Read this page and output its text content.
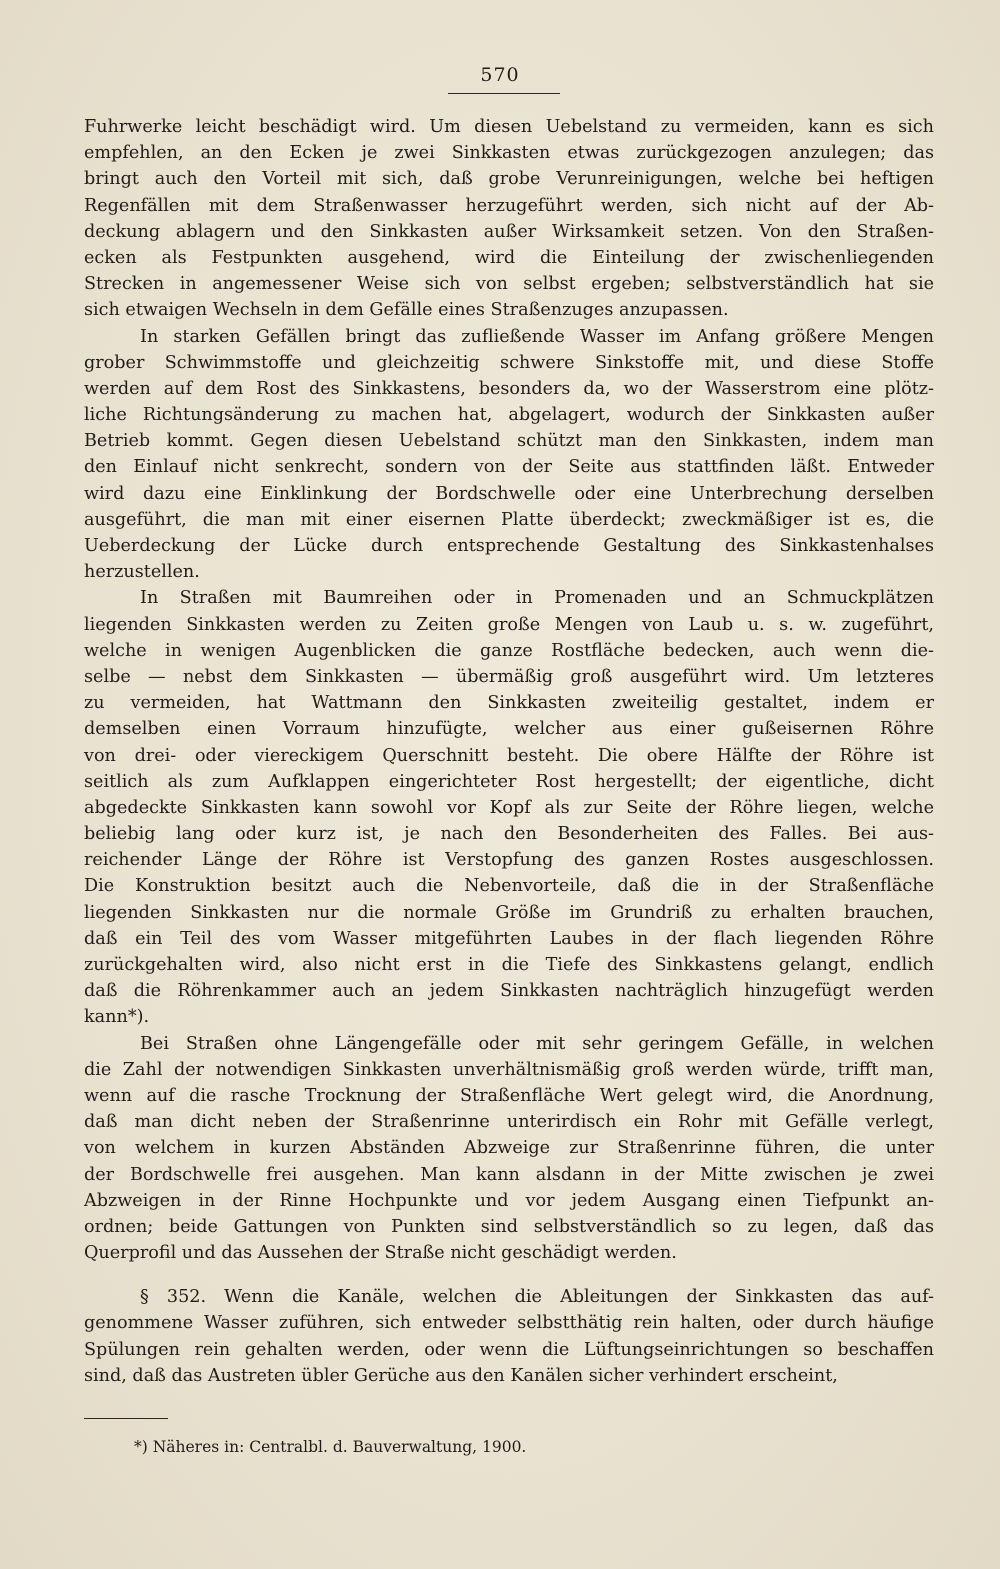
570
Fuhrwerke leicht beschädigt wird. Um diesen Uebelstand zu vermeiden, kann es sich
empfehlen, an den Ecken je zwei Sinkkasten etwas zurückgezogen anzulegen; das
bringt auch den Vorteil mit sich, daß grobe Verunreinigungen, welche bei heftigen
Regenfällen mit dem Straßenwasser herzugeführt werden, sich nicht auf der Ab-
deckung ablagern und den Sinkkasten außer Wirksamkeit setzen. Von den Straßen-
ecken als Festpunkten ausgehend, wird die Einteilung der zwischenliegenden
Strecken in angemessener Weise sich von selbst ergeben; selbstverständlich hat sie
sich etwaigen Wechseln in dem Gefälle eines Straßenzuges anzupassen.
In starken Gefällen bringt das zufließende Wasser im Anfang größere Mengen
grober Schwimmstoffe und gleichzeitig schwere Sinkstoffe mit, und diese Stoffe
werden auf dem Rost des Sinkkastens, besonders da, wo der Wasserstrom eine plötz-
liche Richtungsänderung zu machen hat, abgelagert, wodurch der Sinkkasten außer
Betrieb kommt. Gegen diesen Uebelstand schützt man den Sinkkasten, indem man
den Einlauf nicht senkrecht, sondern von der Seite aus stattfinden läßt. Entweder
wird dazu eine Einklinkung der Bordschwelle oder eine Unterbrechung derselben
ausgeführt, die man mit einer eisernen Platte überdeckt; zweckmäßiger ist es, die
Ueberdeckung der Lücke durch entsprechende Gestaltung des Sinkkastenhalses
herzustellen.
In Straßen mit Baumreihen oder in Promenaden und an Schmuckplätzen
liegenden Sinkkasten werden zu Zeiten große Mengen von Laub u. s. w. zugeführt,
welche in wenigen Augenblicken die ganze Rostfläche bedecken, auch wenn die-
selbe — nebst dem Sinkkasten — übermäßig groß ausgeführt wird. Um letzteres
zu vermeiden, hat Wattmann den Sinkkasten zweiteilig gestaltet, indem er
demselben einen Vorraum hinzufügte, welcher aus einer gußeisernen Röhre
von drei- oder viereckigem Querschnitt besteht. Die obere Hälfte der Röhre ist
seitlich als zum Aufklappen eingerichteter Rost hergestellt; der eigentliche, dicht
abgedeckte Sinkkasten kann sowohl vor Kopf als zur Seite der Röhre liegen, welche
beliebig lang oder kurz ist, je nach den Besonderheiten des Falles. Bei aus-
reichender Länge der Röhre ist Verstopfung des ganzen Rostes ausgeschlossen.
Die Konstruktion besitzt auch die Nebenvorteile, daß die in der Straßenfläche
liegenden Sinkkasten nur die normale Größe im Grundriß zu erhalten brauchen,
daß ein Teil des vom Wasser mitgeführten Laubes in der flach liegenden Röhre
zurückgehalten wird, also nicht erst in die Tiefe des Sinkkastens gelangt, endlich
daß die Röhrenkammer auch an jedem Sinkkasten nachträglich hinzugefügt werden
kann*).
Bei Straßen ohne Längengefälle oder mit sehr geringem Gefälle, in welchen
die Zahl der notwendigen Sinkkasten unverhältnismäßig groß werden würde, trifft man,
wenn auf die rasche Trocknung der Straßenfläche Wert gelegt wird, die Anordnung,
daß man dicht neben der Straßenrinne unterirdisch ein Rohr mit Gefälle verlegt,
von welchem in kurzen Abständen Abzweige zur Straßenrinne führen, die unter
der Bordschwelle frei ausgehen. Man kann alsdann in der Mitte zwischen je zwei
Abzweigen in der Rinne Hochpunkte und vor jedem Ausgang einen Tiefpunkt an-
ordnen; beide Gattungen von Punkten sind selbstverständlich so zu legen, daß das
Querprofil und das Aussehen der Straße nicht geschädigt werden.
§ 352. Wenn die Kanäle, welchen die Ableitungen der Sinkkasten das auf-
genommene Wasser zuführen, sich entweder selbstthätig rein halten, oder durch häufige
Spülungen rein gehalten werden, oder wenn die Lüftungseinrichtungen so beschaffen
sind, daß das Austreten übler Gerüche aus den Kanälen sicher verhindert erscheint,
*) Näheres in: Centralbl. d. Bauverwaltung, 1900.
